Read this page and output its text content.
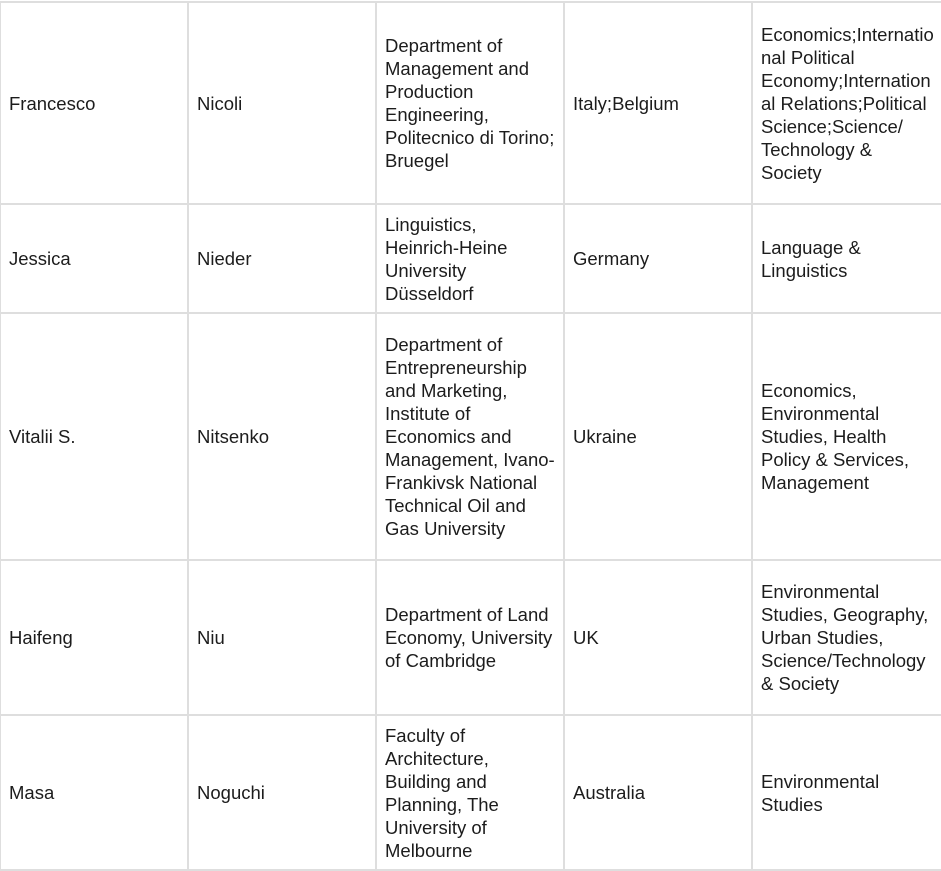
Francesco	Nicoli	Department of Management and Production Engineering, Politecnico di Torino; Bruegel	Italy;Belgium	Economics;International Political Economy;International Relations;Political Science;Science/ Technology & Society
Jessica	Nieder	Linguistics, Heinrich-Heine University Düsseldorf	Germany	Language & Linguistics
Vitalii S.	Nitsenko	Department of Entrepreneurship and Marketing, Institute of Economics and Management, Ivano-Frankivsk National Technical Oil and Gas University	Ukraine	Economics, Environmental Studies, Health Policy & Services, Management
Haifeng	Niu	Department of Land Economy, University of Cambridge	UK	Environmental Studies, Geography, Urban Studies, Science/Technology & Society
Masa	Noguchi	Faculty of Architecture, Building and Planning, The University of Melbourne	Australia	Environmental Studies
